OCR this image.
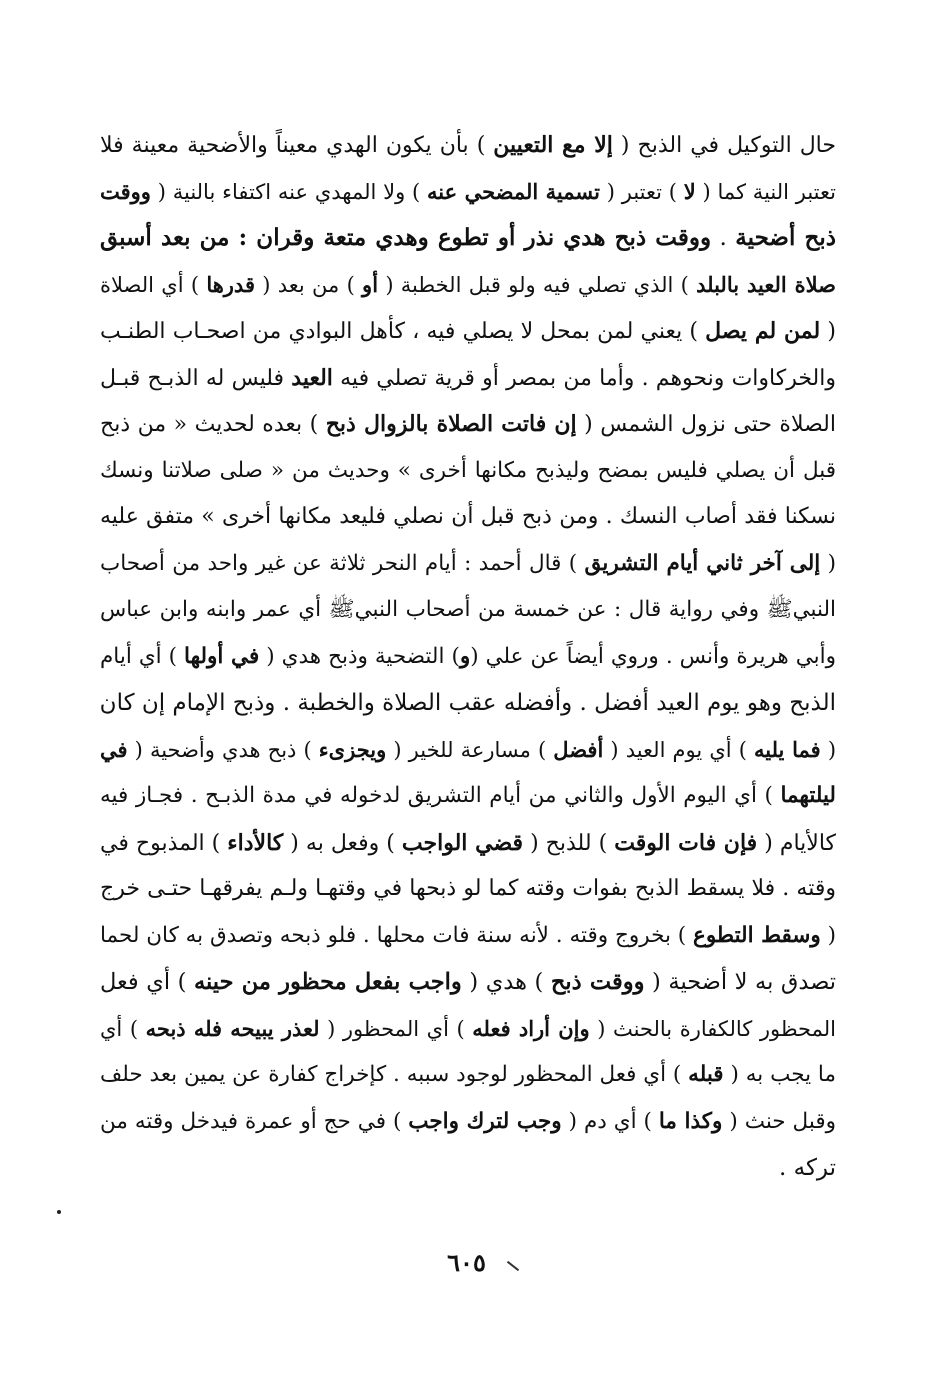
حال التوكيل في الذبح ( إلا مع التعيين ) بأن يكون الهدي معيناً والأضحية معينة فلا
تعتبر النية كما ( لا ) تعتبر ( تسمية المضحي عنه ) ولا المهدي عنه اكتفاء بالنية ( ووقت
ذبح أضحية . ووقت ذبح هدي نذر أو تطوع وهدي متعة وقران : من بعد أسبق
صلاة العيد بالبلد ) الذي تصلي فيه ولو قبل الخطبة ( أو ) من بعد ( قدرها ) أي الصلاة
( لمن لم يصل ) يعني لمن بمحل لا يصلي فيه ، كأهل البوادي من اصحـاب الطنـب
والخركاوات ونحوهم . وأما من بمصر أو قرية تصلي فيه العيد فليس له الذبـح قبـل
الصلاة حتى نزول الشمس ( إن فاتت الصلاة بالزوال ذبح ) بعده لحديث « من ذبح
قبل أن يصلي فليس بمضح وليذبح مكانها أخرى » وحديث من « صلى صلاتنا ونسك
نسكنا فقد أصاب النسك . ومن ذبح قبل أن نصلي فليعد مكانها أخرى » متفق عليه
( إلى آخر ثاني أيام التشريق ) قال أحمد : أيام النحر ثلاثة عن غير واحد من أصحاب
النبيﷺ وفي رواية قال : عن خمسة من أصحاب النبيﷺ أي عمر وابنه وابن عباس
وأبي هريرة وأنس . وروي أيضاً عن علي (و) التضحية وذبح هدي ( في أولها ) أي أيام
الذبح وهو يوم العيد أفضل . وأفضله عقب الصلاة والخطبة . وذبح الإمام إن كان
( فما يليه ) أي يوم العيد ( أفضل ) مسارعة للخير ( ويجزىء ) ذبح هدي وأضحية ( في
ليلتهما ) أي اليوم الأول والثاني من أيام التشريق لدخوله في مدة الذبـح . فجـاز فيه
كالأيام ( فإن فات الوقت ) للذبح ( قضي الواجب ) وفعل به ( كالأداء ) المذبوح في
وقته . فلا يسقط الذبح بفوات وقته كما لو ذبحها في وقتهـا ولـم يفرقهـا حتـى خرج
( وسقط التطوع ) بخروج وقته . لأنه سنة فات محلها . فلو ذبحه وتصدق به كان لحما
تصدق به لا أضحية ( ووقت ذبح ) هدي ( واجب بفعل محظور من حينه ) أي فعل
المحظور كالكفارة بالحنث ( وإن أراد فعله ) أي المحظور ( لعذر يبيحه فله ذبحه ) أي
ما يجب به ( قبله ) أي فعل المحظور لوجود سببه . كإخراج كفارة عن يمين بعد حلف
وقبل حنث ( وكذا ما ) أي دم ( وجب لترك واجب ) في حج أو عمرة فيدخل وقته من
تركه .
٦٠٥
